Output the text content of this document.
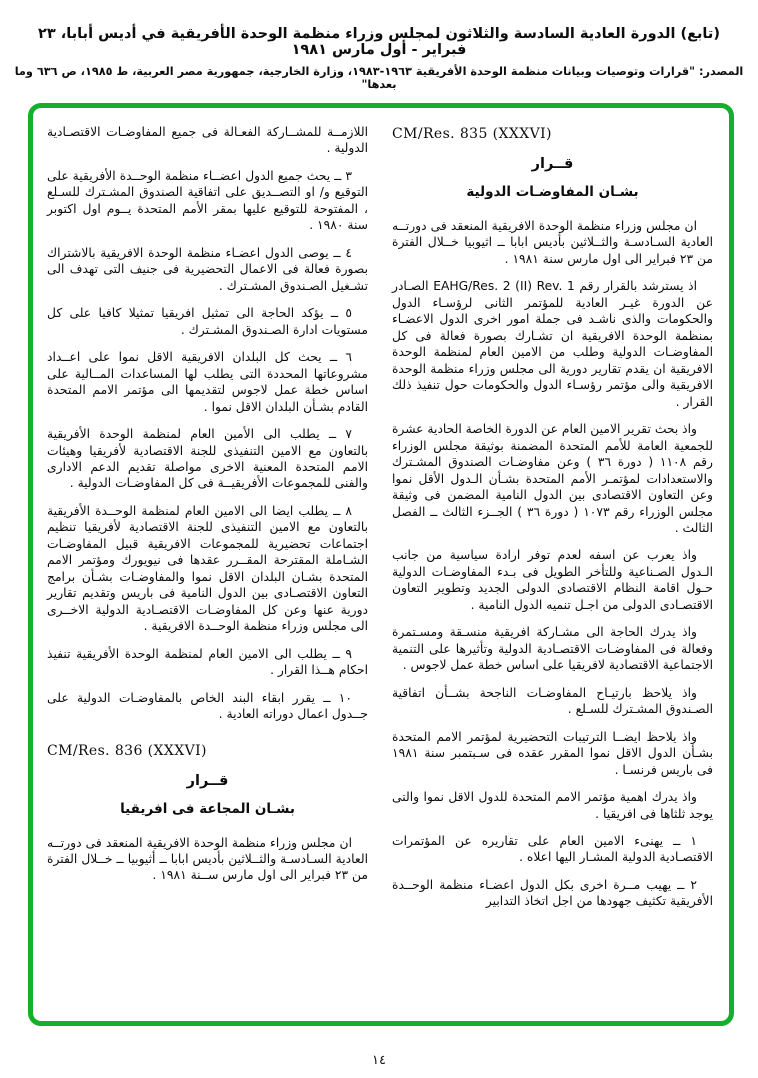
(تابع) الدورة العادية السادسة والثلاثون لمجلس وزراء منظمة الوحدة الأفريقية في أديس أبابا، ٢٣ فبراير - أول مارس ١٩٨١
المصدر: "قرارات وتوصيات وبيانات منظمة الوحدة الأفريقية ١٩٦٣-١٩٨٣، وزارة الخارجية، جمهورية مصر العربية، ط ١٩٨٥، ص ٦٣٦ وما بعدها"
CM/Res. 835 (XXXVI)
قــرار
بشـان المفاوضـات الدولية

ان مجلس وزراء منظمة الوحدة الافريقية المنعقد فى دورتــه العادية السـادسـة والثــلاثين بأديس ابابا ــ اثيوبيا خــلال الفترة من ٢٣ فبراير الى اول مارس سنة ١٩٨١ .

اذ يسترشد بالقرار رقم EAHG/Res. 2 (II) Rev. 1 الصـادر عن الدورة غيـر العادية للمؤتمر الثانى لرؤسـاء الدول والحكومات والذى ناشـد فى جملة امور اخرى الدول الاعضـاء بمنظمة الوحدة الافريقية ان تشـارك بصورة فعالة فى كل المفاوضـات الدولية وطلب من الامين العام لمنظمة الوحدة الافريقية ان يقدم تقارير دورية الى مجلس وزراء منظمة الوحدة الافريقية والى مؤتمر رؤسـاء الدول والحكومات حول تنفيذ ذلك القرار .

واذ بحث تقرير الامين العام عن الدورة الخاصة الحادية عشرة للجمعية العامة للأمم المتحدة المضمنة بوثيقة مجلس الوزراء رقم ١١٠٨ ( دورة ٣٦ ) وعن مفاوضـات الصندوق المشـترك والاستعدادات لمؤتمـر الأمم المتحدة بشـأن الـدول الأقل نموا وعن التعاون الاقتصادى بين الدول النامية المضمن فى وثيقة مجلس الوزراء رقم ١٠٧٣ ( دورة ٣٦ ) الجــزء الثالث ــ الفصل الثالث .

واذ يعرب عن اسفه لعدم توفر ارادة سياسية من جانب الـدول الصـناعية وللتأخر الطويل فى بـدء المفاوضـات الدولية حـول اقامة النظام الاقتصادى الدولى الجديد وتطوير التعاون الاقتصـادى الدولى من اجـل تنميه الدول النامية .

واذ يدرك الحاجة الى مشـاركة افريقية منسـقة ومسـتمرة وفعالة فى المفاوضـات الاقتصـادية الدولية وتأثيرها على التنمية الاجتماعية الاقتصادية لافريقيا على اساس خطة عمل لاجوس .

واذ يلاحظ بارتيـاح المفاوضـات الناجحة بشــأن اتفاقية الصـندوق المشـترك للسـلع .

واذ يلاحظ ايضــا الترتيبات التحضيرية لمؤتمر الامم المتحدة بشـأن الدول الاقل نموا المقرر عقده فى سـبتمبر سنة ١٩٨١ فى باريس فرنسـا .

واذ يدرك اهمية مؤتمر الامم المتحدة للدول الاقل نموا والتى يوجد ثلثاها فى افريقيا .

١ ــ يهنىء الامين العام على تقاريره عن المؤتمرات الاقتصـادية الدولية المشـار اليها اعلاه .

٢ ــ يهيب مــرة اخرى بكل الدول اعضـاء منظمة الوحــدة الأفريقية تكثيف جهودها من اجل اتخاذ التدابير

اللازمــة للمشــاركة الفعـالة فى جميع المفاوضـات الاقتصـادية الدولية .

٣ ــ يحث جميع الدول اعضــاء منظمة الوحــدة الأفريقية على التوقيع و/ او التصــديق على اتفاقية الصندوق المشـترك للسـلع ، المفتوحة للتوقيع عليها بمقر الأمم المتحدة يــوم اول اكتوبر سنة ١٩٨٠ .

٤ ــ يوصى الدول اعضـاء منظمة الوحدة الافريقية بالاشتراك بصورة فعالة فى الاعمال التحضيرية فى جنيف التى تهدف الى تشـغيل الصـندوق المشـترك .

٥ ــ يؤكد الحاجة الى تمثيل افريقيا تمثيلا كافيا على كل مستويات ادارة الصـندوق المشـترك .

٦ ــ يحث كل البلدان الافريقية الاقل نموا على اعــداد مشروعاتها المحددة التى يطلب لها المساعدات المــالية على اساس خطة عمل لاجوس لتقديمها الى مؤتمر الامم المتحدة القادم بشـأن البلدان الاقل نموا .

٧ ــ يطلب الى الأمين العام لمنظمة الوحدة الأفريقية بالتعاون مع الامين التنفيذى للجنة الاقتصادية لأفريقيا وهيئات الامم المتحدة المعنية الاخرى مواصلة تقديم الدعم الادارى والفنى للمجموعات الأفريقيــة فى كل المفاوضـات الدولية .

٨ ــ يطلب ايضا الى الامين العام لمنظمة الوحــدة الأفريقية بالتعاون مع الامين التنفيذى للجنة الاقتصادية لأفريقيا تنظيم اجتماعات تحضيرية للمجموعات الافريقية قبيل المفاوضـات الشـاملة المقترحة المقــرر عقدها فى نيويورك ومؤتمر الامم المتحدة بشـان البلدان الاقل نموا والمفاوضـات بشـأن برامج التعاون الاقتصـادى بين الدول النامية فى باريس وتقديم تقارير دورية عنها وعن كل المفاوضـات الاقتصـادية الدولية الاخــرى الى مجلس وزراء منظمة الوحــدة الافريقية .

٩ ــ يطلب الى الامين العام لمنظمة الوحدة الأفريقية تنفيذ احكام هــذا القرار .

١٠ ــ يقرر ابقاء البند الخاص بالمفاوضـات الدولية على جــدول اعمال دوراته العادية .

CM/Res. 836 (XXXVI)
قــرار
بشـان المجاعة فى افريقيا

ان مجلس وزراء منظمة الوحدة الافريقية المنعقد فى دورتــه العادية السـادسـة والثــلاثين بأديس ابابا ــ أثيوبيا ــ خــلال الفترة من ٢٣ فبراير الى اول مارس ســنة ١٩٨١ .

١٤
